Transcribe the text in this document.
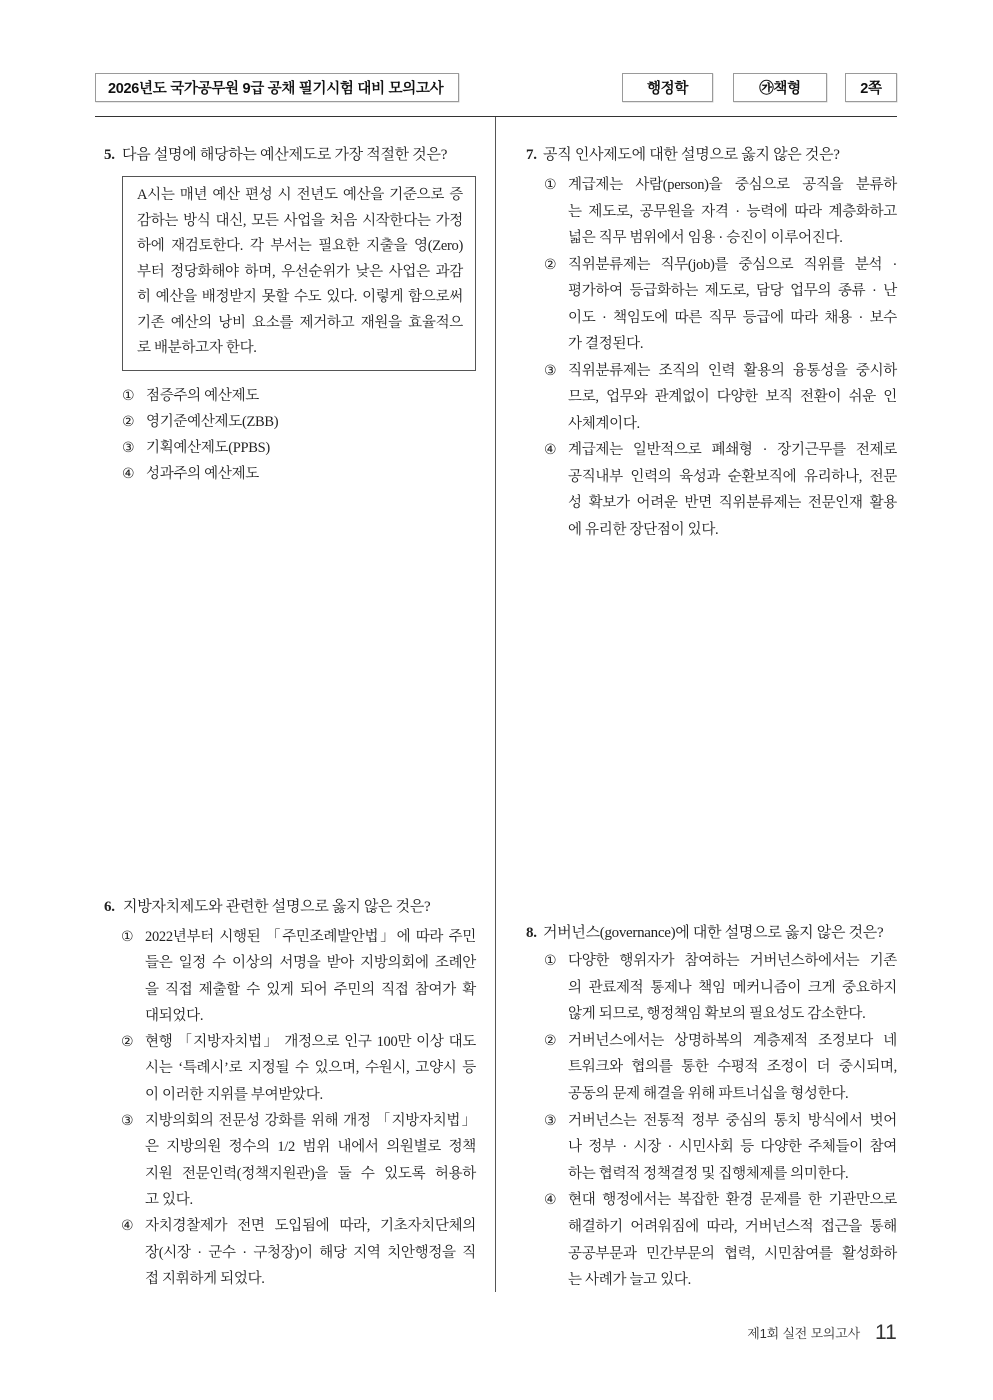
2026년도 국가공무원 9급 공채 필기시험 대비 모의고사	행정학	㉮책형	2쪽
5. 다음 설명에 해당하는 예산제도로 가장 적절한 것은?
A시는 매년 예산 편성 시 전년도 예산을 기준으로 증
감하는 방식 대신, 모든 사업을 처음 시작한다는 가정
하에 재검토한다. 각 부서는 필요한 지출을 영(Zero)
부터 정당화해야 하며, 우선순위가 낮은 사업은 과감
히 예산을 배정받지 못할 수도 있다. 이렇게 함으로써
기존 예산의 낭비 요소를 제거하고 재원을 효율적으
로 배분하고자 한다.
① 점증주의 예산제도
② 영기준예산제도(ZBB)
③ 기획예산제도(PPBS)
④ 성과주의 예산제도
7. 공직 인사제도에 대한 설명으로 옳지 않은 것은?
① 계급제는 사람(person)을 중심으로 공직을 분류하
는 제도로, 공무원을 자격 · 능력에 따라 계층화하고
넓은 직무 범위에서 임용 · 승진이 이루어진다.
② 직위분류제는 직무(job)를 중심으로 직위를 분석 ·
평가하여 등급화하는 제도로, 담당 업무의 종류 · 난
이도 · 책임도에 따른 직무 등급에 따라 채용 · 보수
가 결정된다.
③ 직위분류제는 조직의 인력 활용의 융통성을 중시하
므로, 업무와 관계없이 다양한 보직 전환이 쉬운 인
사체계이다.
④ 계급제는 일반적으로 폐쇄형 · 장기근무를 전제로
공직내부 인력의 육성과 순환보직에 유리하나, 전문
성 확보가 어려운 반면 직위분류제는 전문인재 활용
에 유리한 장단점이 있다.
6. 지방자치제도와 관련한 설명으로 옳지 않은 것은?
① 2022년부터 시행된 「주민조례발안법」에 따라 주민
들은 일정 수 이상의 서명을 받아 지방의회에 조례안
을 직접 제출할 수 있게 되어 주민의 직접 참여가 확
대되었다.
② 현행 「지방자치법」 개정으로 인구 100만 이상 대도
시는 ‘특례시’로 지정될 수 있으며, 수원시, 고양시 등
이 이러한 지위를 부여받았다.
③ 지방의회의 전문성 강화를 위해 개정 「지방자치법」
은 지방의원 정수의 1/2 범위 내에서 의원별로 정책
지원 전문인력(정책지원관)을 둘 수 있도록 허용하
고 있다.
④ 자치경찰제가 전면 도입됨에 따라, 기초자치단체의
장(시장 · 군수 · 구청장)이 해당 지역 치안행정을 직
접 지휘하게 되었다.
8. 거버넌스(governance)에 대한 설명으로 옳지 않은 것은?
① 다양한 행위자가 참여하는 거버넌스하에서는 기존
의 관료제적 통제나 책임 메커니즘이 크게 중요하지
않게 되므로, 행정책임 확보의 필요성도 감소한다.
② 거버넌스에서는 상명하복의 계층제적 조정보다 네
트워크와 협의를 통한 수평적 조정이 더 중시되며,
공동의 문제 해결을 위해 파트너십을 형성한다.
③ 거버넌스는 전통적 정부 중심의 통치 방식에서 벗어
나 정부 · 시장 · 시민사회 등 다양한 주체들이 참여
하는 협력적 정책결정 및 집행체제를 의미한다.
④ 현대 행정에서는 복잡한 환경 문제를 한 기관만으로
해결하기 어려워짐에 따라, 거버넌스적 접근을 통해
공공부문과 민간부문의 협력, 시민참여를 활성화하
는 사례가 늘고 있다.
제1회 실전 모의고사 11
